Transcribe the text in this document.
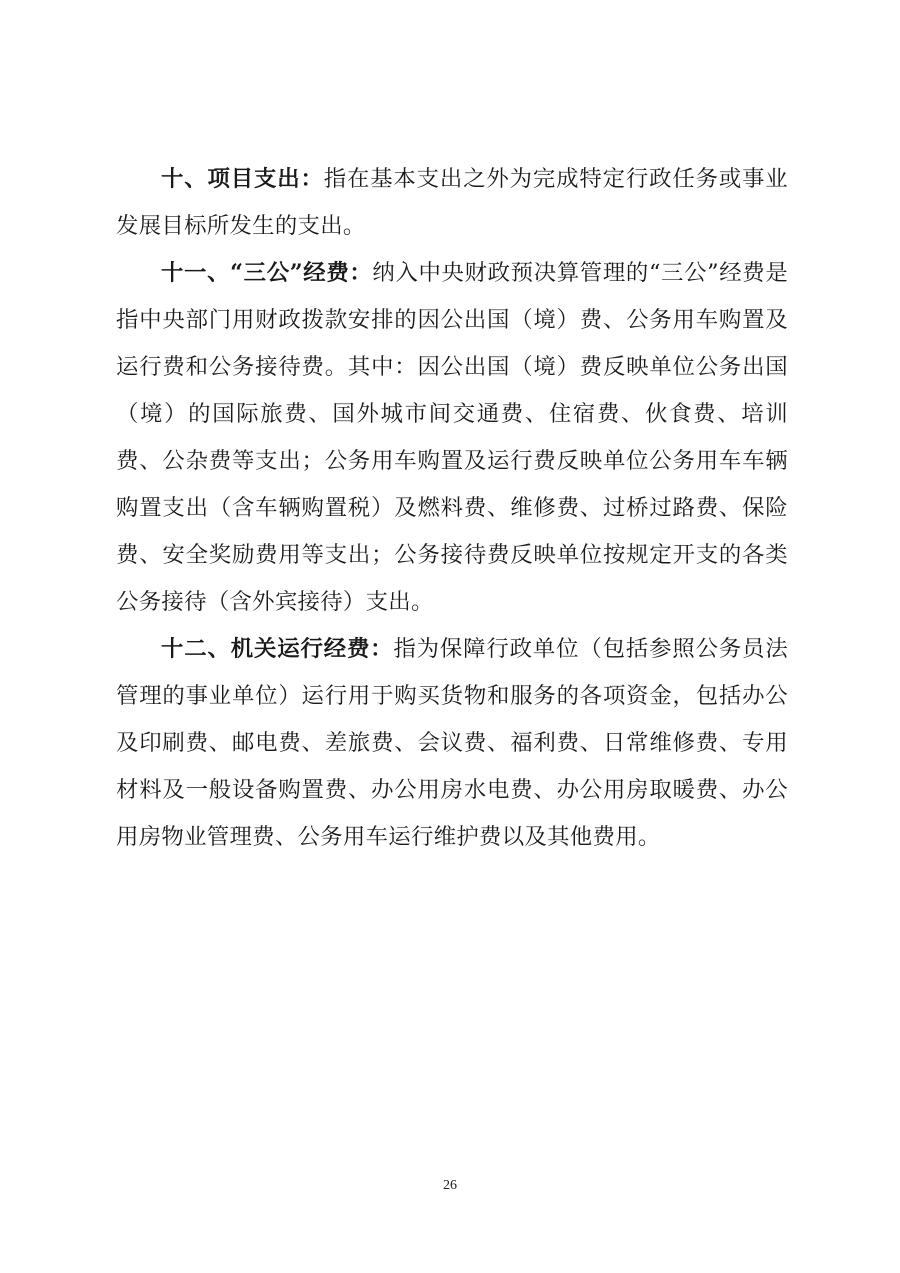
十、项目支出：指在基本支出之外为完成特定行政任务或事业发展目标所发生的支出。

十一、“三公”经费：纳入中央财政预决算管理的“三公”经费是指中央部门用财政拨款安排的因公出国（境）费、公务用车购置及运行费和公务接待费。其中：因公出国（境）费反映单位公务出国（境）的国际旅费、国外城市间交通费、住宿费、伙食费、培训费、公杂费等支出；公务用车购置及运行费反映单位公务用车车辆购置支出（含车辆购置税）及燃料费、维修费、过桥过路费、保险费、安全奖励费用等支出；公务接待费反映单位按规定开支的各类公务接待（含外宾接待）支出。

十二、机关运行经费：指为保障行政单位（包括参照公务员法管理的事业单位）运行用于购买货物和服务的各项资金，包括办公及印刷费、邮电费、差旅费、会议费、福利费、日常维修费、专用材料及一般设备购置费、办公用房水电费、办公用房取暖费、办公用房物业管理费、公务用车运行维护费以及其他费用。

26
